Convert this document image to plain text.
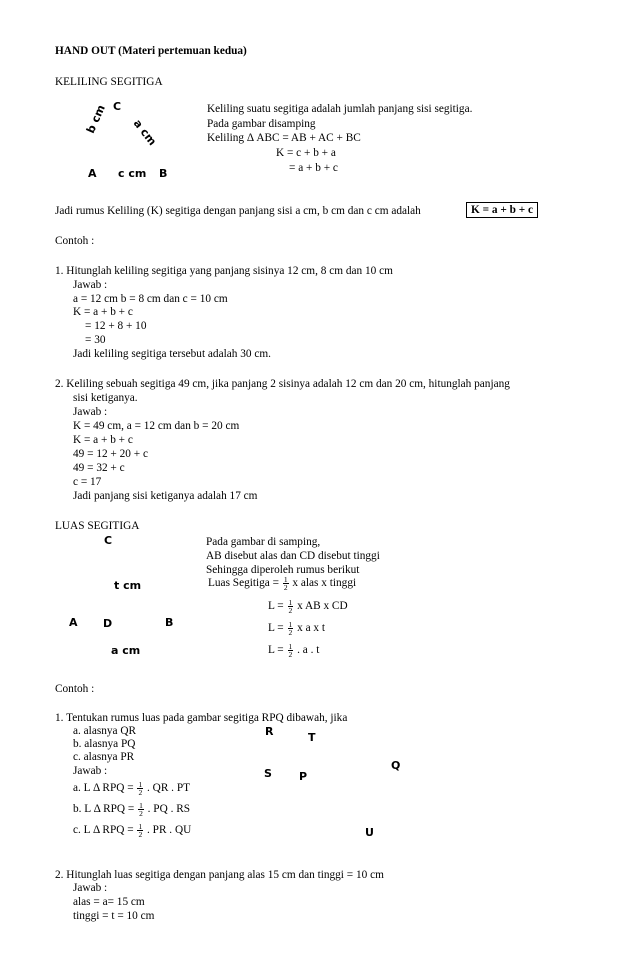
HAND OUT (Materi pertemuan kedua)
KELILING SEGITIGA
C
A	B
b cm a cm
c cm
Keliling suatu segitiga adalah jumlah panjang sisi segitiga.
Pada gambar disamping
Keliling Δ ABC = AB + AC + BC
K = c + b + a
= a + b + c
Jadi rumus Keliling (K) segitiga dengan panjang sisi a cm, b cm dan c cm adalah	K = a + b + c
Contoh :
1. Hitunglah keliling segitiga yang panjang sisinya 12 cm, 8 cm dan 10 cm
Jawab :
a = 12 cm b = 8 cm dan c = 10 cm
K = a + b + c
= 12 + 8 + 10
= 30
Jadi keliling segitiga tersebut adalah 30 cm.
2. Keliling sebuah segitiga 49 cm, jika panjang 2 sisinya adalah 12 cm dan 20 cm, hitunglah panjang
sisi ketiganya.
Jawab :
K = 49 cm, a = 12 cm dan b = 20 cm
K = a + b + c
49 = 12 + 20 + c
49 = 32 + c
c = 17
Jadi panjang sisi ketiganya adalah 17 cm
LUAS SEGITIGA
C
A D	B
t cm
a cm
Pada gambar di samping,
AB disebut alas dan CD disebut tinggi
Sehingga diperoleh rumus berikut
Luas Segitiga = $\frac{1}{2}$ x alas x tinggi
$L = \frac{1}{2}$ x AB x CD
$L = \frac{1}{2}$ x a x t
$L = \frac{1}{2}$ . a . t
Contoh :
1. Tentukan rumus luas pada gambar segitiga RPQ dibawah, jika
a. alasnya QR
b. alasnya PQ
c. alasnya PR
Jawab :
a. L Δ RPQ = $\frac{1}{2}$ . QR . PT
b. L Δ RPQ = $\frac{1}{2}$ . PQ . RS
c. L Δ RPQ = $\frac{1}{2}$ . PR . QU
R	T
S P
Q
U
2. Hitunglah luas segitiga dengan panjang alas 15 cm dan tinggi = 10 cm
Jawab :
alas = a= 15 cm
tinggi = t = 10 cm
